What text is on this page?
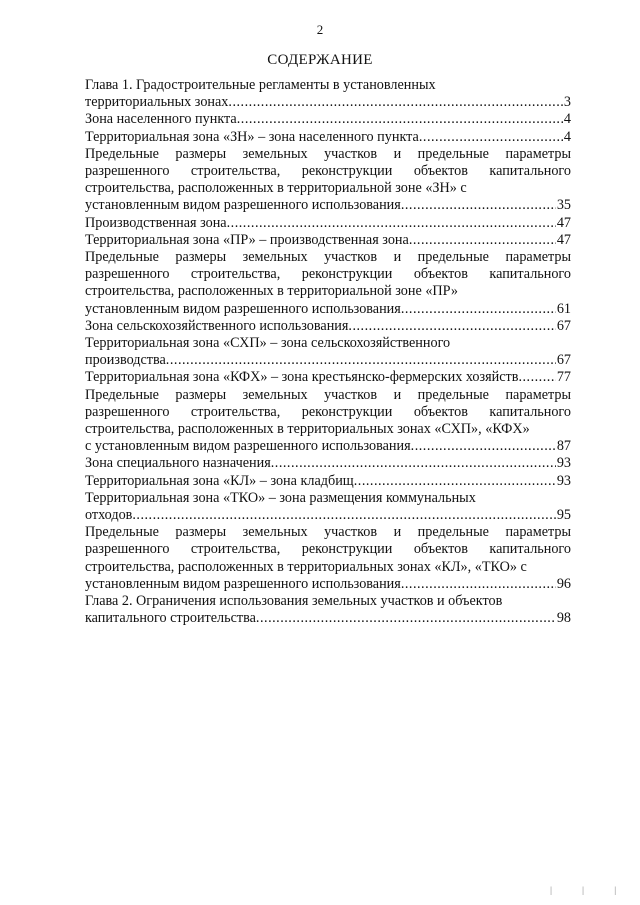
2
СОДЕРЖАНИЕ
Глава 1. Градостроительные регламенты в установленных
территориальных зонах .....	3
Зона населенного пункта .....	4
Территориальная зона «ЗН» – зона населенного пункта .....	4
Предельные размеры земельных участков и предельные параметры разрешенного строительства, реконструкции объектов капитального строительства, расположенных в территориальной зоне «ЗН» с
установленным видом разрешенного использования .....	35
Производственная зона .....	47
Территориальная зона «ПР» – производственная зона .....	47
Предельные размеры земельных участков и предельные параметры разрешенного строительства, реконструкции объектов капитального строительства, расположенных в территориальной зоне «ПР»
установленным видом разрешенного использования .....	61
Зона сельскохозяйственного использования .....	67
Территориальная зона «СХП» – зона сельскохозяйственного
производства .....	67
Территориальная зона «КФХ» – зона крестьянско-фермерских хозяйств .....	77
Предельные размеры земельных участков и предельные параметры разрешенного строительства, реконструкции объектов капитального строительства, расположенных в территориальных зонах «СХП», «КФХ»
с установленным видом разрешенного использования .....	87
Зона специального назначения .....	93
Территориальная зона «КЛ» – зона кладбищ .....	93
Территориальная зона «ТКО» – зона размещения коммунальных
отходов .....	95
Предельные размеры земельных участков и предельные параметры разрешенного строительства, реконструкции объектов капитального строительства, расположенных в территориальных зонах «КЛ», «ТКО» с
установленным видом разрешенного использования .....	96
Глава 2. Ограничения использования земельных участков и объектов
капитального строительства .....	98
| | |
